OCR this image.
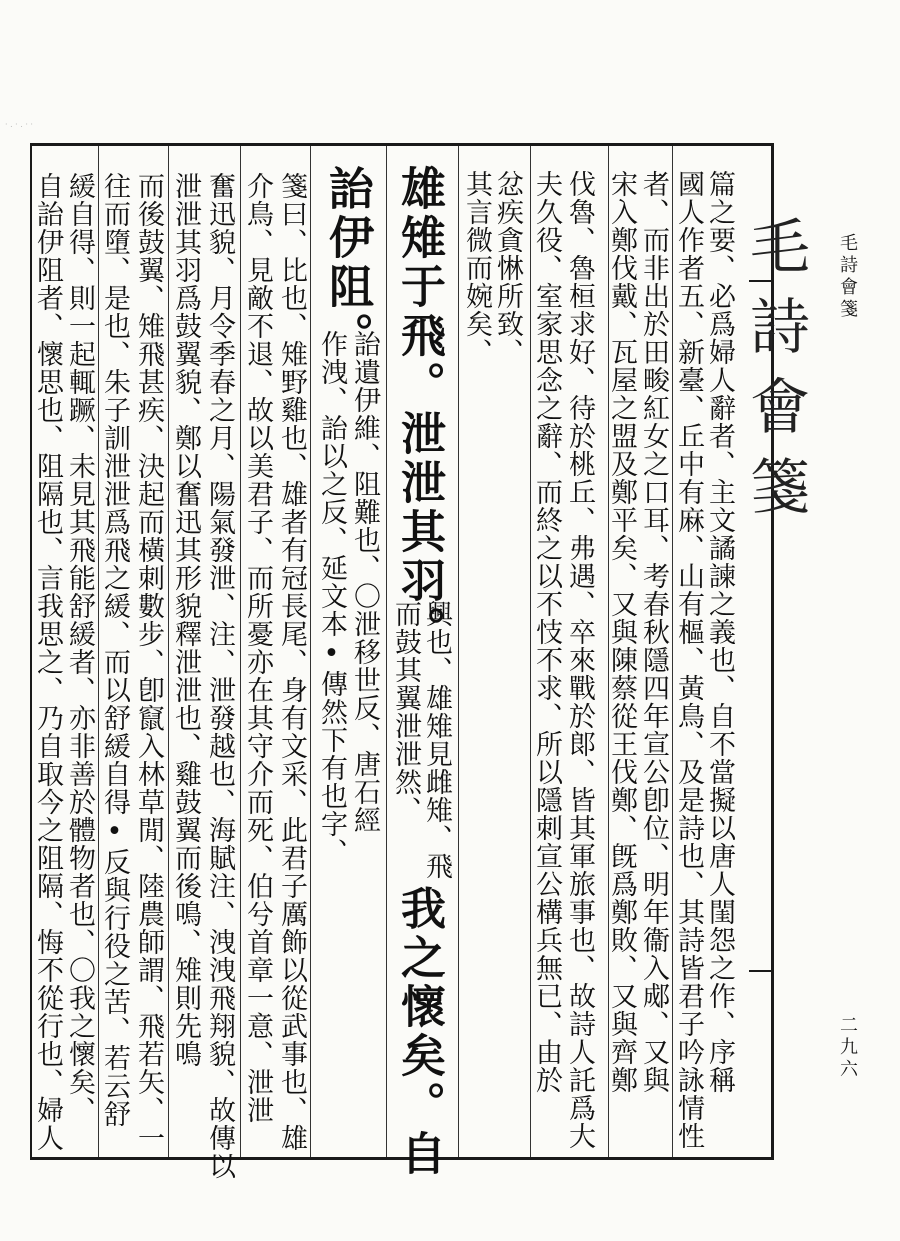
· . · . · ·
毛詩會箋
二九六
毛詩會箋
篇之要、必爲婦人辭者、主文譎諫之義也、自不當擬以唐人閨怨之作、序稱
國人作者五、新臺、丘中有麻、山有樞、黃鳥、及是詩也、其詩皆君子吟詠情性
者、而非出於田畯紅女之口耳、考春秋隱四年宣公卽位、明年衞入郕、又與
宋入鄭伐戴、瓦屋之盟及鄭平矣、又與陳蔡從王伐鄭、旣爲鄭敗、又與齊鄭
伐魯、魯桓求好、待於桃丘、弗遇、卒來戰於郞、皆其軍旅事也、故詩人託爲大
夫久役、室家思念之辭、而終之以不忮不求、所以隱刺宣公構兵無已、由於
忿疾貪惏所致、
其言微而婉矣、
雄雉于飛。泄泄其羽。
興也、雄雉見雌雉、飛
而鼓其翼泄泄然、
我之懷矣。自
詒伊阻。
詒遺伊維、阻難也、〇泄移世反、唐石經
作洩、詒以之反、延文本•傳然下有也字、
箋曰、比也、雉野雞也、雄者有冠長尾、身有文采、此君子厲飾以從武事也、雄
介鳥、見敵不退、故以美君子、而所憂亦在其守介而死、伯兮首章一意、泄泄
奮迅貌、月令季春之月、陽氣發泄、注、泄發越也、海賦注、洩洩飛翔貌、故傳以
泄泄其羽爲鼓翼貌、鄭以奮迅其形貌釋泄泄也、雞鼓翼而後鳴、雉則先鳴
而後鼓翼、雉飛甚疾、決起而橫刺數步、卽竄入林草閒、陸農師謂、飛若矢、一
往而墮、是也、朱子訓泄泄爲飛之緩、而以舒緩自得•反與行役之苦、若云舒
緩自得、則一起輒蹶、未見其飛能舒緩者、亦非善於體物者也、〇我之懷矣、
自詒伊阻者、懷思也、阻隔也、言我思之、乃自取今之阻隔、悔不從行也、婦人
